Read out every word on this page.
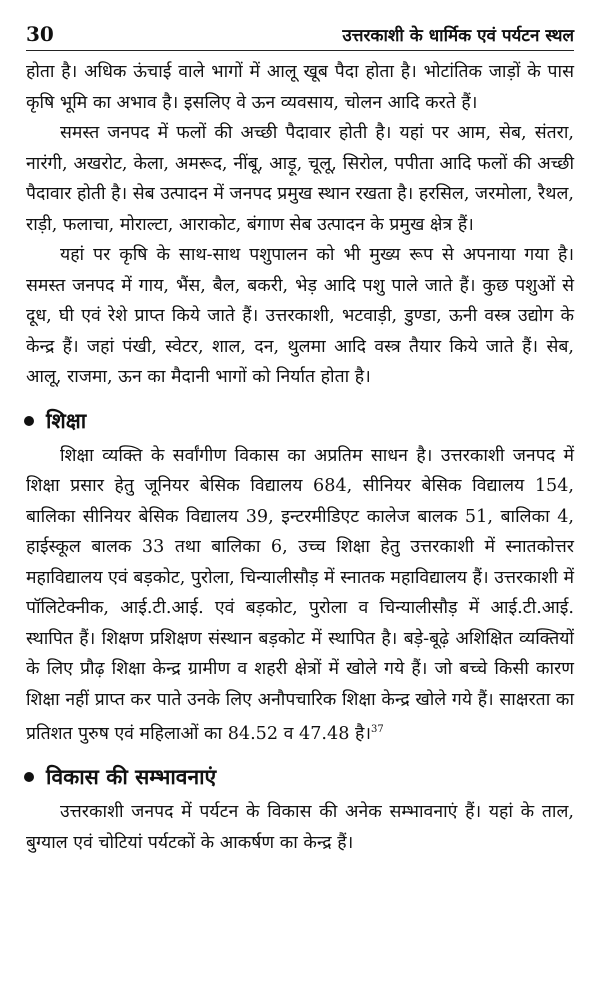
30	उत्तरकाशी के धार्मिक एवं पर्यटन स्थल

होता है। अधिक ऊंचाई वाले भागों में आलू खूब पैदा होता है। भोटांतिक जाड़ों के पास कृषि भूमि का अभाव है। इसलिए वे ऊन व्यवसाय, चोलन आदि करते हैं।

समस्त जनपद में फलों की अच्छी पैदावार होती है। यहां पर आम, सेब, संतरा, नारंगी, अखरोट, केला, अमरूद, नींबू, आड़ू, चूलू, सिरोल, पपीता आदि फलों की अच्छी पैदावार होती है। सेब उत्पादन में जनपद प्रमुख स्थान रखता है। हरसिल, जरमोला, रैथल, राड़ी, फलाचा, मोराल्टा, आराकोट, बंगाण सेब उत्पादन के प्रमुख क्षेत्र हैं।

यहां पर कृषि के साथ-साथ पशुपालन को भी मुख्य रूप से अपनाया गया है। समस्त जनपद में गाय, भैंस, बैल, बकरी, भेड़ आदि पशु पाले जाते हैं। कुछ पशुओं से दूध, घी एवं रेशे प्राप्त किये जाते हैं। उत्तरकाशी, भटवाड़ी, डुण्डा, ऊनी वस्त्र उद्योग के केन्द्र हैं। जहां पंखी, स्वेटर, शाल, दन, थुलमा आदि वस्त्र तैयार किये जाते हैं। सेब, आलू, राजमा, ऊन का मैदानी भागों को निर्यात होता है।

शिक्षा

शिक्षा व्यक्ति के सर्वांगीण विकास का अप्रतिम साधन है। उत्तरकाशी जनपद में शिक्षा प्रसार हेतु जूनियर बेसिक विद्यालय 684, सीनियर बेसिक विद्यालय 154, बालिका सीनियर बेसिक विद्यालय 39, इन्टरमीडिएट कालेज बालक 51, बालिका 4, हाईस्कूल बालक 33 तथा बालिका 6, उच्च शिक्षा हेतु उत्तरकाशी में स्नातकोत्तर महाविद्यालय एवं बड़कोट, पुरोला, चिन्यालीसौड़ में स्नातक महाविद्यालय हैं। उत्तरकाशी में पॉलिटेक्नीक, आई.टी.आई. एवं बड़कोट, पुरोला व चिन्यालीसौड़ में आई.टी.आई. स्थापित हैं। शिक्षण प्रशिक्षण संस्थान बड़कोट में स्थापित है। बड़े-बूढ़े अशिक्षित व्यक्तियों के लिए प्रौढ़ शिक्षा केन्द्र ग्रामीण व शहरी क्षेत्रों में खोले गये हैं। जो बच्चे किसी कारण शिक्षा नहीं प्राप्त कर पाते उनके लिए अनौपचारिक शिक्षा केन्द्र खोले गये हैं। साक्षरता का प्रतिशत पुरुष एवं महिलाओं का 84.52 व 47.48 है।$^{37}$

विकास की सम्भावनाएं

उत्तरकाशी जनपद में पर्यटन के विकास की अनेक सम्भावनाएं हैं। यहां के ताल, बुग्याल एवं चोटियां पर्यटकों के आकर्षण का केन्द्र हैं।
